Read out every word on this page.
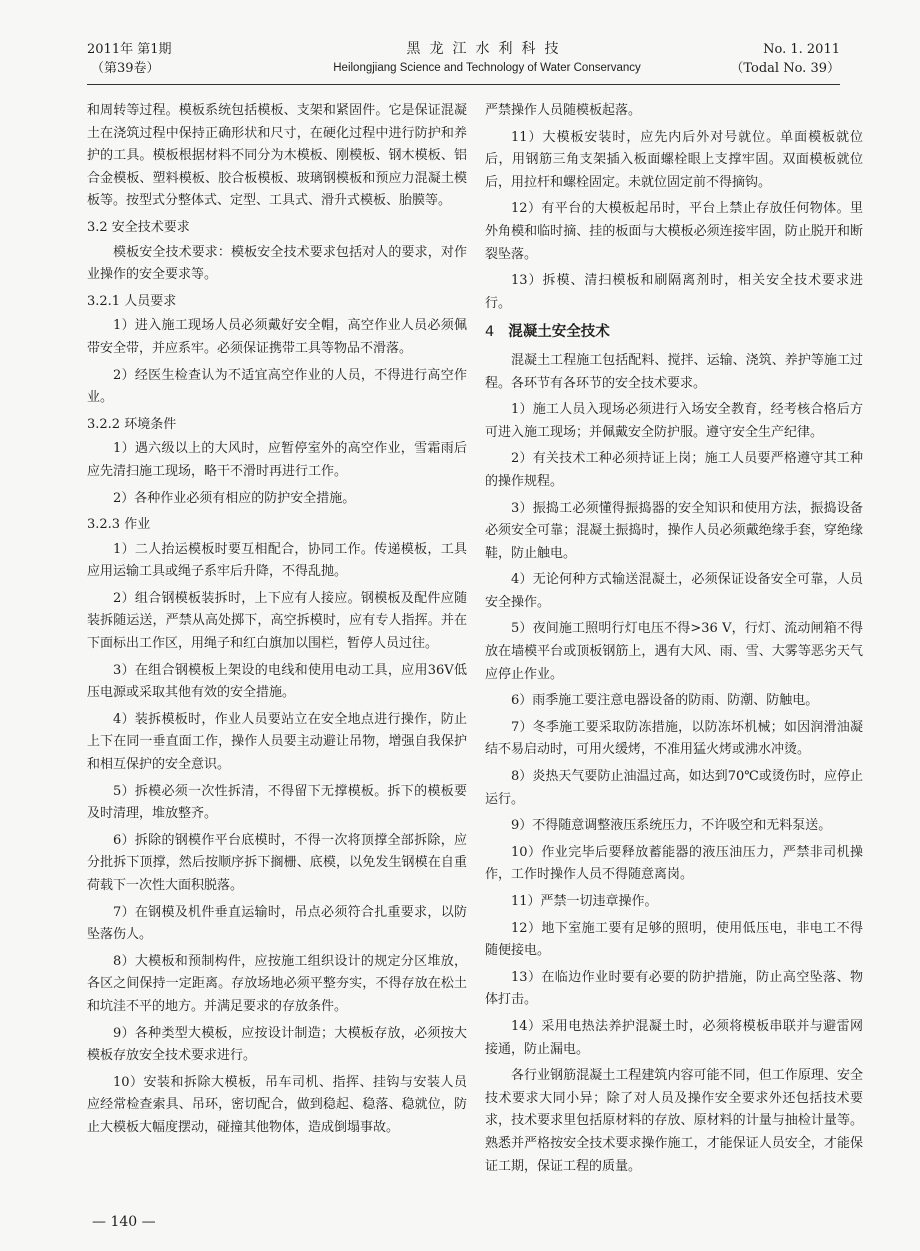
2011年 第1期
（第39卷）
黑龙江水利科技
Heilongjiang Science and Technology of Water Conservancy
No. 1. 2011
（Todal No. 39）

和周转等过程。模板系统包括模板、支架和紧固件。它是保证混凝土在浇筑过程中保持正确形状和尺寸，在硬化过程中进行防护和养护的工具。模板根据材料不同分为木模板、刚模板、钢木模板、铝合金模板、塑料模板、胶合板模板、玻璃钢模板和预应力混凝土模板等。按型式分整体式、定型、工具式、滑升式模板、胎膜等。

3.2 安全技术要求

模板安全技术要求：模板安全技术要求包括对人的要求，对作业操作的安全要求等。

3.2.1 人员要求

1）进入施工现场人员必须戴好安全帽，高空作业人员必须佩带安全带，并应系牢。必须保证携带工具等物品不滑落。

2）经医生检查认为不适宜高空作业的人员，不得进行高空作业。

3.2.2 环境条件

1）遇六级以上的大风时，应暂停室外的高空作业，雪霜雨后应先清扫施工现场，略干不滑时再进行工作。

2）各种作业必须有相应的防护安全措施。

3.2.3 作业

1）二人抬运模板时要互相配合，协同工作。传递模板，工具应用运输工具或绳子系牢后升降，不得乱抛。

2）组合钢模板装拆时，上下应有人接应。钢模板及配件应随装拆随运送，严禁从高处掷下，高空拆模时，应有专人指挥。并在下面标出工作区，用绳子和红白旗加以围栏，暂停人员过往。

3）在组合钢模板上架设的电线和使用电动工具，应用36V低压电源或采取其他有效的安全措施。

4）装拆模板时，作业人员要站立在安全地点进行操作，防止上下在同一垂直面工作，操作人员要主动避让吊物，增强自我保护和相互保护的安全意识。

5）拆模必须一次性拆清，不得留下无撑模板。拆下的模板要及时清理，堆放整齐。

6）拆除的钢模作平台底模时，不得一次将顶撑全部拆除，应分批拆下顶撑，然后按顺序拆下搁栅、底模，以免发生钢模在自重荷载下一次性大面积脱落。

7）在钢模及机件垂直运输时，吊点必须符合扎重要求，以防坠落伤人。

8）大模板和预制构件，应按施工组织设计的规定分区堆放，各区之间保持一定距离。存放场地必须平整夯实，不得存放在松土和坑洼不平的地方。并满足要求的存放条件。

9）各种类型大模板，应按设计制造；大模板存放，必须按大模板存放安全技术要求进行。

10）安装和拆除大模板，吊车司机、指挥、挂钩与安装人员应经常检查索具、吊环，密切配合，做到稳起、稳落、稳就位，防止大模板大幅度摆动，碰撞其他物体，造成倒塌事故。

严禁操作人员随模板起落。

11）大模板安装时，应先内后外对号就位。单面模板就位后，用钢筋三角支架插入板面螺栓眼上支撑牢固。双面模板就位后，用拉杆和螺栓固定。未就位固定前不得摘钩。

12）有平台的大模板起吊时，平台上禁止存放任何物体。里外角模和临时摘、挂的板面与大模板必须连接牢固，防止脱开和断裂坠落。

13）拆模、清扫模板和刷隔离剂时，相关安全技术要求进行。

4 混凝土安全技术

混凝土工程施工包括配料、搅拌、运输、浇筑、养护等施工过程。各环节有各环节的安全技术要求。

1）施工人员入现场必须进行入场安全教育，经考核合格后方可进入施工现场；并佩戴安全防护服。遵守安全生产纪律。

2）有关技术工种必须持证上岗；施工人员要严格遵守其工种的操作规程。

3）振捣工必须懂得振捣器的安全知识和使用方法，振捣设备必须安全可靠；混凝土振捣时，操作人员必须戴绝缘手套，穿绝缘鞋，防止触电。

4）无论何种方式输送混凝土，必须保证设备安全可靠，人员安全操作。

5）夜间施工照明行灯电压不得>36 V，行灯、流动闸箱不得放在墙模平台或顶板钢筋上，遇有大风、雨、雪、大雾等恶劣天气应停止作业。

6）雨季施工要注意电器设备的防雨、防潮、防触电。

7）冬季施工要采取防冻措施，以防冻坏机械；如因润滑油凝结不易启动时，可用火缓烤，不准用猛火烤或沸水冲烫。

8）炎热天气要防止油温过高，如达到70℃或烫伤时，应停止运行。

9）不得随意调整液压系统压力，不许吸空和无料泵送。

10）作业完毕后要释放蓄能器的液压油压力，严禁非司机操作，工作时操作人员不得随意离岗。

11）严禁一切违章操作。

12）地下室施工要有足够的照明，使用低压电，非电工不得随便接电。

13）在临边作业时要有必要的防护措施，防止高空坠落、物体打击。

14）采用电热法养护混凝土时，必须将模板串联并与避雷网接通，防止漏电。

各行业钢筋混凝土工程建筑内容可能不同，但工作原理、安全技术要求大同小异；除了对人员及操作安全要求外还包括技术要求，技术要求里包括原材料的存放、原材料的计量与抽检计量等。熟悉并严格按安全技术要求操作施工，才能保证人员安全，才能保证工期，保证工程的质量。

— 140 —
